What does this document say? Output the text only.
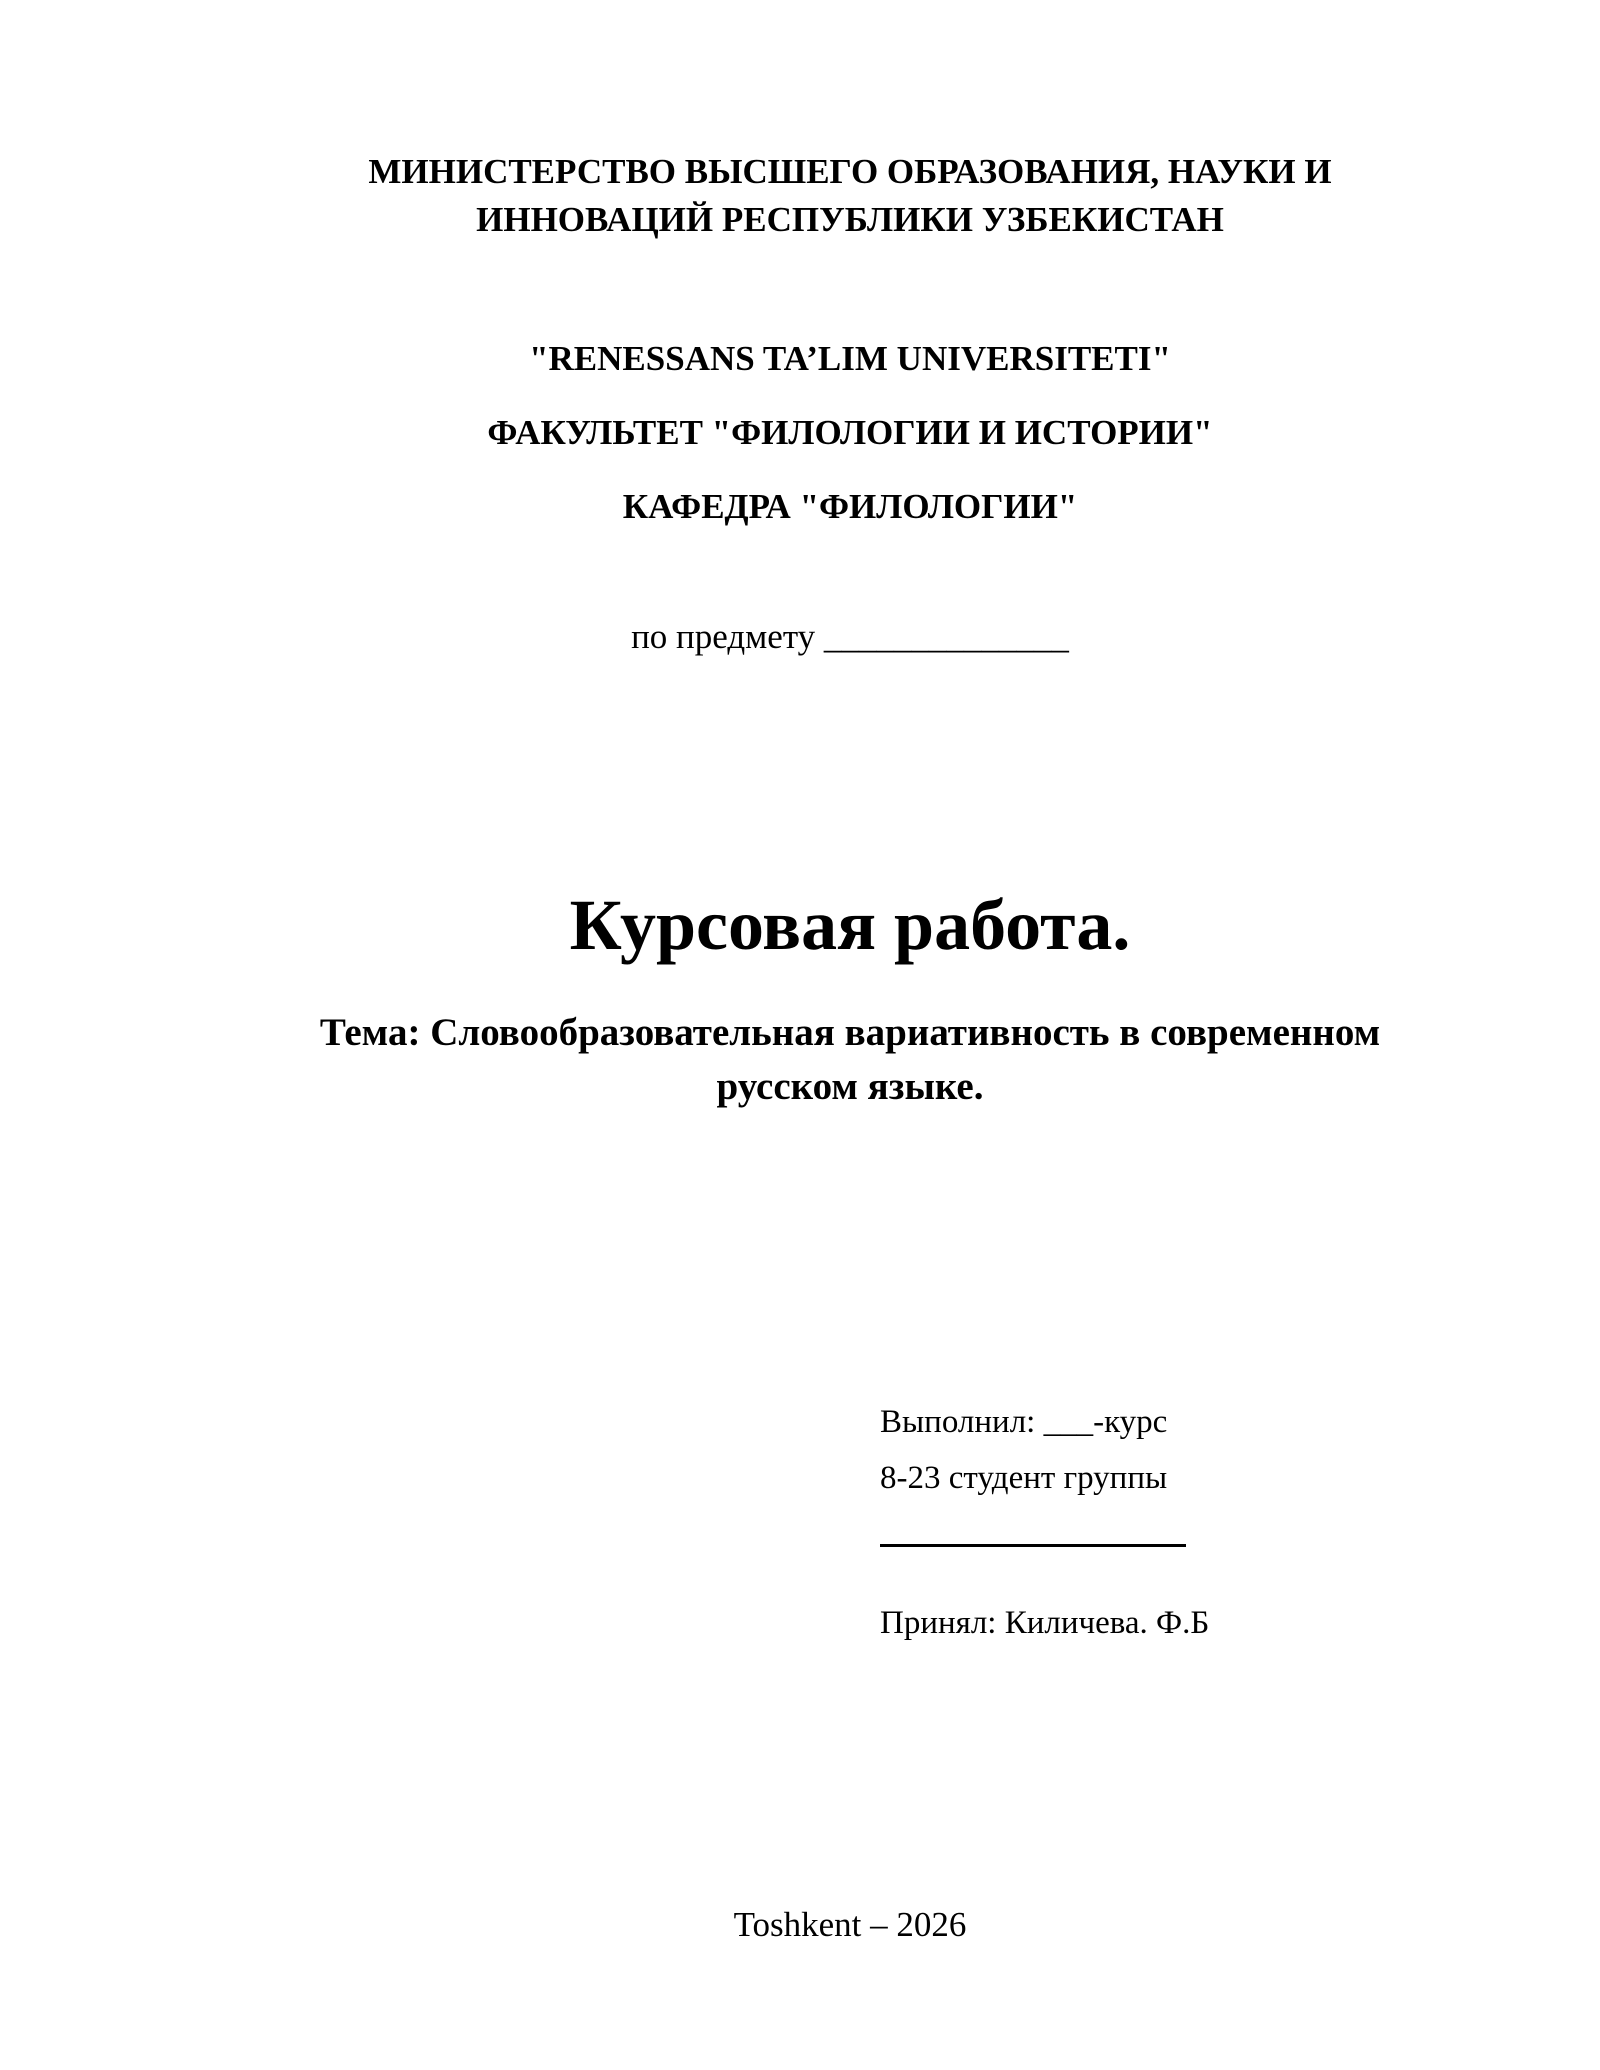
МИНИСТЕРСТВО ВЫСШЕГО ОБРАЗОВАНИЯ, НАУКИ И
ИННОВАЦИЙ РЕСПУБЛИКИ УЗБЕКИСТАН
"RENESSANS TA’LIM UNIVERSITETI"
ФАКУЛЬТЕТ "ФИЛОЛОГИИ И ИСТОРИИ"
КАФЕДРА "ФИЛОЛОГИИ"
по предмету ______________
Курсовая работа.
Тема: Словообразовательная вариативность в современном
русском языке.
Выполнил: ___-курс
8-23 студент группы
Принял: Киличева. Ф.Б
Toshkent – 2026
